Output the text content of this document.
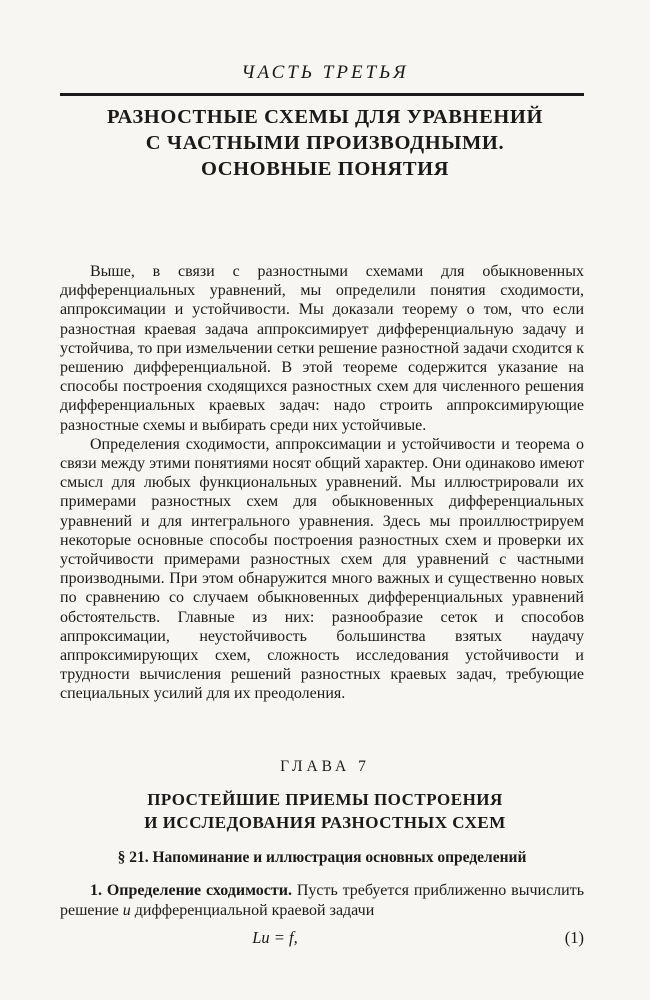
ЧАСТЬ ТРЕТЬЯ
РАЗНОСТНЫЕ СХЕМЫ ДЛЯ УРАВНЕНИЙ
С ЧАСТНЫМИ ПРОИЗВОДНЫМИ.
ОСНОВНЫЕ ПОНЯТИЯ

Выше, в связи с разностными схемами для обыкновенных дифференциальных уравнений, мы определили понятия сходимости, аппроксимации и устойчивости. Мы доказали теорему о том, что если разностная краевая задача аппроксимирует дифференциальную задачу и устойчива, то при измельчении сетки решение разностной задачи сходится к решению дифференциальной. В этой теореме содержится указание на способы построения сходящихся разностных схем для численного решения дифференциальных краевых задач: надо строить аппроксимирующие разностные схемы и выбирать среди них устойчивые.

Определения сходимости, аппроксимации и устойчивости и теорема о связи между этими понятиями носят общий характер. Они одинаково имеют смысл для любых функциональных уравнений. Мы иллюстрировали их примерами разностных схем для обыкновенных дифференциальных уравнений и для интегрального уравнения. Здесь мы проиллюстрируем некоторые основные способы построения разностных схем и проверки их устойчивости примерами разностных схем для уравнений с частными производными. При этом обнаружится много важных и существенно новых по сравнению со случаем обыкновенных дифференциальных уравнений обстоятельств. Главные из них: разнообразие сеток и способов аппроксимации, неустойчивость большинства взятых наудачу аппроксимирующих схем, сложность исследования устойчивости и трудности вычисления решений разностных краевых задач, требующие специальных усилий для их преодоления.

ГЛАВА 7
ПРОСТЕЙШИЕ ПРИЕМЫ ПОСТРОЕНИЯ
И ИССЛЕДОВАНИЯ РАЗНОСТНЫХ СХЕМ
§ 21. Напоминание и иллюстрация основных определений
1. Определение сходимости. Пусть требуется приближенно вычислить решение u дифференциальной краевой задачи
Lu = f,	(1)
